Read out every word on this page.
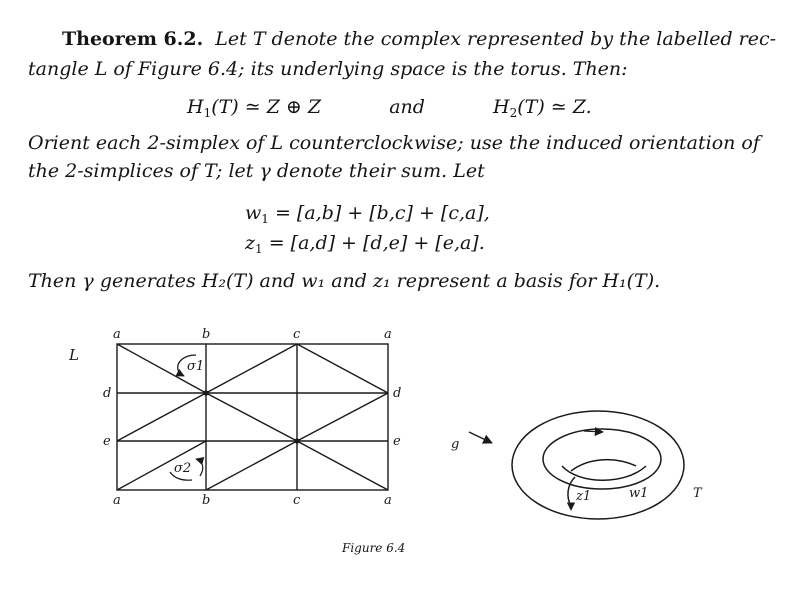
Theorem 6.2. Let T denote the complex represented by the labelled rec-
tangle L of Figure 6.4; its underlying space is the torus. Then:
$H_1(T)$ ≃ Z ⊕ Z	and	$H_2(T)$ ≃ Z.
Orient each 2-simplex of L counterclockwise; use the induced orientation of
the 2-simplices of T; let γ denote their sum. Let
$w_1 = [a,b] + [b,c] + [c,a]$,
$z_1 = [a,d] + [d,e] + [e,a]$.
Then γ generates H₂(T) and w₁ and z₁ represent a basis for H₁(T).
L
a	b	c	a
a	b	c	a
d
e
d
e
σ1
σ2
g
z1	w1	T
Figure 6.4
